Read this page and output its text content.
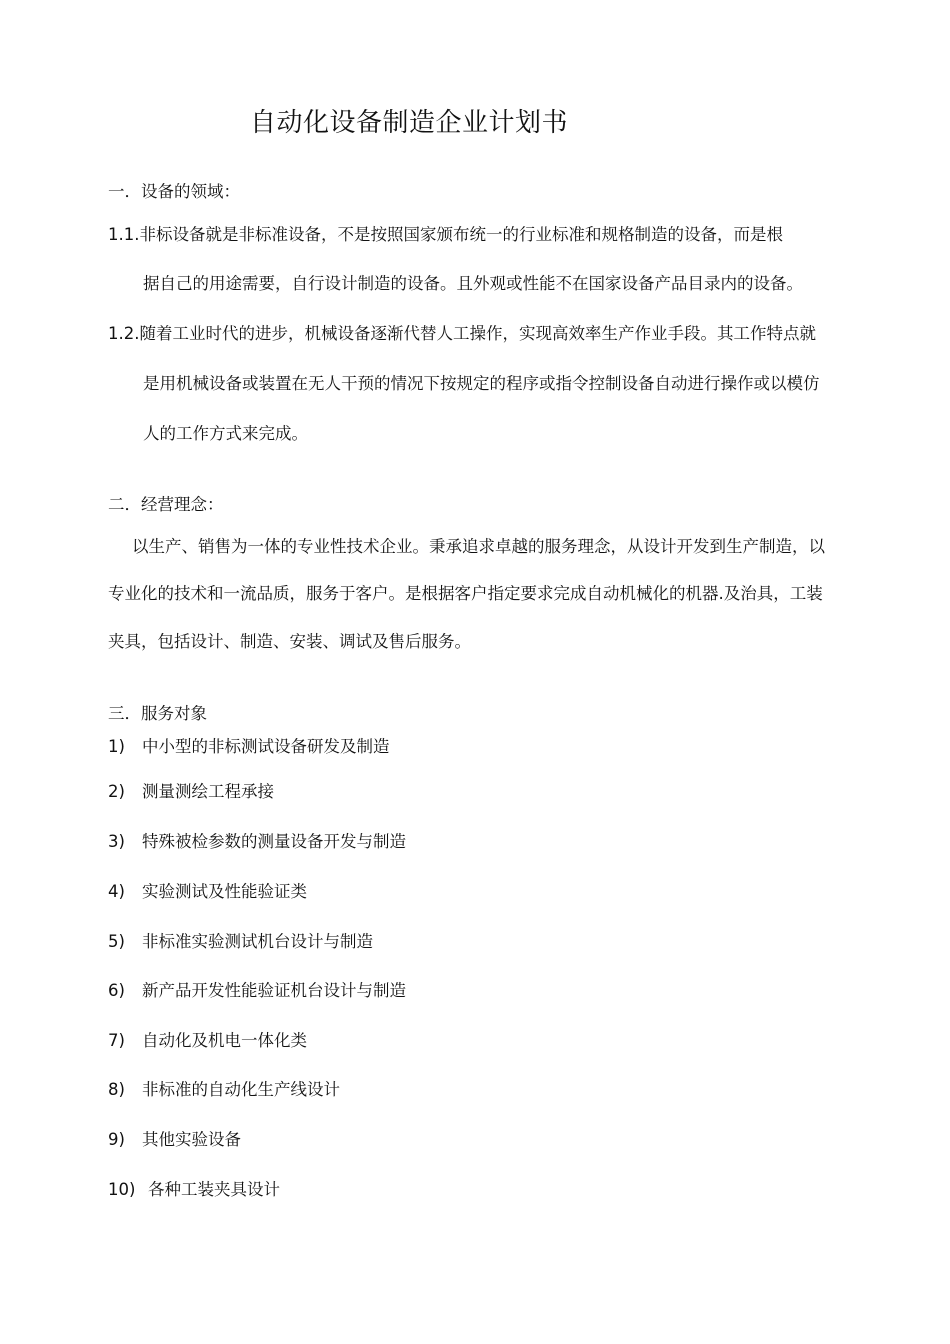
自动化设备制造企业计划书
一．设备的领域：
1.1.非标设备就是非标准设备，不是按照国家颁布统一的行业标准和规格制造的设备，而是根
据自己的用途需要，自行设计制造的设备。且外观或性能不在国家设备产品目录内的设备。
1.2.随着工业时代的进步，机械设备逐渐代替人工操作，实现高效率生产作业手段。其工作特点就
是用机械设备或装置在无人干预的情况下按规定的程序或指令控制设备自动进行操作或以模仿
人的工作方式来完成。
二．经营理念：
以生产、销售为一体的专业性技术企业。秉承追求卓越的服务理念，从设计开发到生产制造，以
专业化的技术和一流品质，服务于客户。是根据客户指定要求完成自动机械化的机器.及治具，工装
夹具，包括设计、制造、安装、调试及售后服务。
三．服务对象
1) 中小型的非标测试设备研发及制造
2) 测量测绘工程承接
3) 特殊被检参数的测量设备开发与制造
4) 实验测试及性能验证类
5) 非标准实验测试机台设计与制造
6) 新产品开发性能验证机台设计与制造
7) 自动化及机电一体化类
8) 非标准的自动化生产线设计
9) 其他实验设备
10) 各种工装夹具设计
